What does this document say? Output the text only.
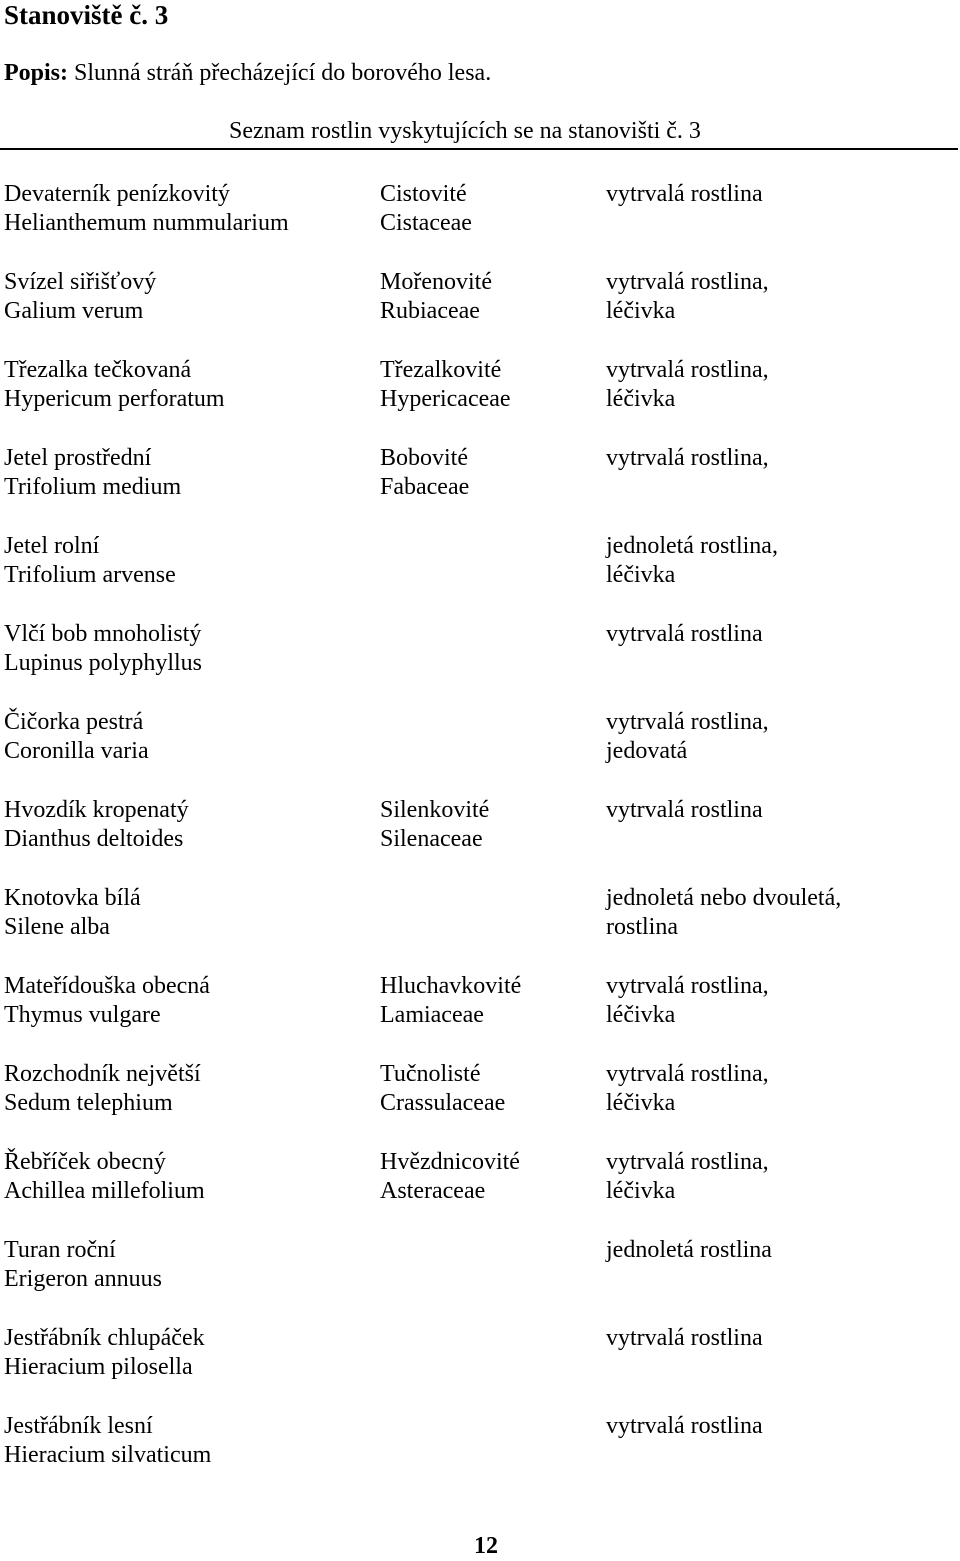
Stanoviště č. 3
Popis: Slunná stráň přecházející do borového lesa.
Seznam rostlin vyskytujících se na stanovišti č. 3
Devaterník penízkovitý
Helianthemum nummularium
Cistovité
Cistaceae
vytrvalá rostlina
Svízel siřišťový
Galium verum
Mořenovité
Rubiaceae
vytrvalá rostlina,
léčivka
Třezalka tečkovaná
Hypericum perforatum
Třezalkovité
Hypericaceae
vytrvalá rostlina,
léčivka
Jetel prostřední
Trifolium medium
Bobovité
Fabaceae
vytrvalá rostlina,
Jetel rolní
Trifolium arvense
jednoletá rostlina,
léčivka
Vlčí bob mnoholistý
Lupinus polyphyllus
vytrvalá rostlina
Čičorka pestrá
Coronilla varia
vytrvalá rostlina,
jedovatá
Hvozdík kropenatý
Dianthus deltoides
Silenkovité
Silenaceae
vytrvalá rostlina
Knotovka bílá
Silene alba
jednoletá nebo dvouletá,
rostlina
Mateřídouška obecná
Thymus vulgare
Hluchavkovité
Lamiaceae
vytrvalá rostlina,
léčivka
Rozchodník největší
Sedum telephium
Tučnolisté
Crassulaceae
vytrvalá rostlina,
léčivka
Řebříček obecný
Achillea millefolium
Hvězdnicovité
Asteraceae
vytrvalá rostlina,
léčivka
Turan roční
Erigeron annuus
jednoletá rostlina
Jestřábník chlupáček
Hieracium pilosella
vytrvalá rostlina
Jestřábník lesní
Hieracium silvaticum
vytrvalá rostlina
12
